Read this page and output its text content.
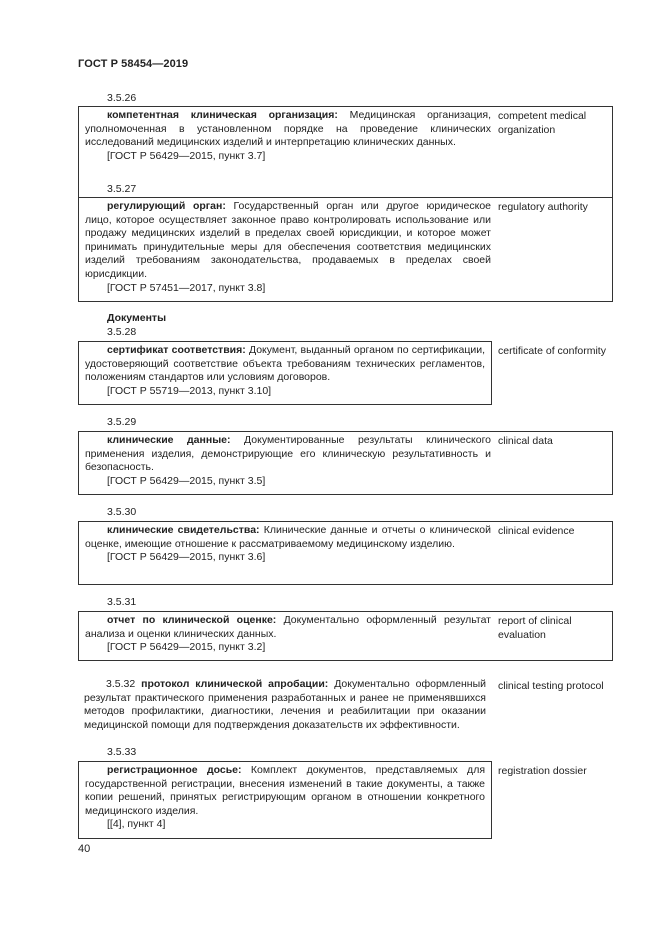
ГОСТ Р 58454—2019
3.5.26

компетентная клиническая организация: Медицинская организация, уполномоченная в установленном порядке на проведение клинических исследований медицинских изделий и интерпретацию клинических данных.

[ГОСТ Р 56429—2015, пункт 3.7]

competent medical organization
3.5.27

регулирующий орган: Государственный орган или другое юридическое лицо, которое осуществляет законное право контролировать использование или продажу медицинских изделий в пределах своей юрисдикции, и которое может принимать принудительные меры для обеспечения соответствия медицинских изделий требованиям законодательства, продаваемых в пределах своей юрисдикции.

[ГОСТ Р 57451—2017, пункт 3.8]

regulatory authority
Документы
3.5.28

сертификат соответствия: Документ, выданный органом по сертификации, удостоверяющий соответствие объекта требованиям технических регламентов, положениям стандартов или условиям договоров.

[ГОСТ Р 55719—2013, пункт 3.10]

certificate of conformity
3.5.29

клинические данные: Документированные результаты клинического применения изделия, демонстрирующие его клиническую результативность и безопасность.

[ГОСТ Р 56429—2015, пункт 3.5]

clinical data
3.5.30

клинические свидетельства: Клинические данные и отчеты о клинической оценке, имеющие отношение к рассматриваемому медицинскому изделию.

[ГОСТ Р 56429—2015, пункт 3.6]

clinical evidence
3.5.31

отчет по клинической оценке: Документально оформленный результат анализа и оценки клинических данных.

[ГОСТ Р 56429—2015, пункт 3.2]

report of clinical evaluation

3.5.32 протокол клинической апробации: Документально оформленный результат практического применения разработанных и ранее не применявшихся методов профилактики, диагностики, лечения и реабилитации при оказании медицинской помощи для подтверждения доказательств их эффективности.

clinical testing protocol
3.5.33

регистрационное досье: Комплект документов, представляемых для государственной регистрации, внесения изменений в такие документы, а также копии решений, принятых регистрирующим органом в отношении конкретного медицинского изделия.

[[4], пункт 4]

registration dossier
40
